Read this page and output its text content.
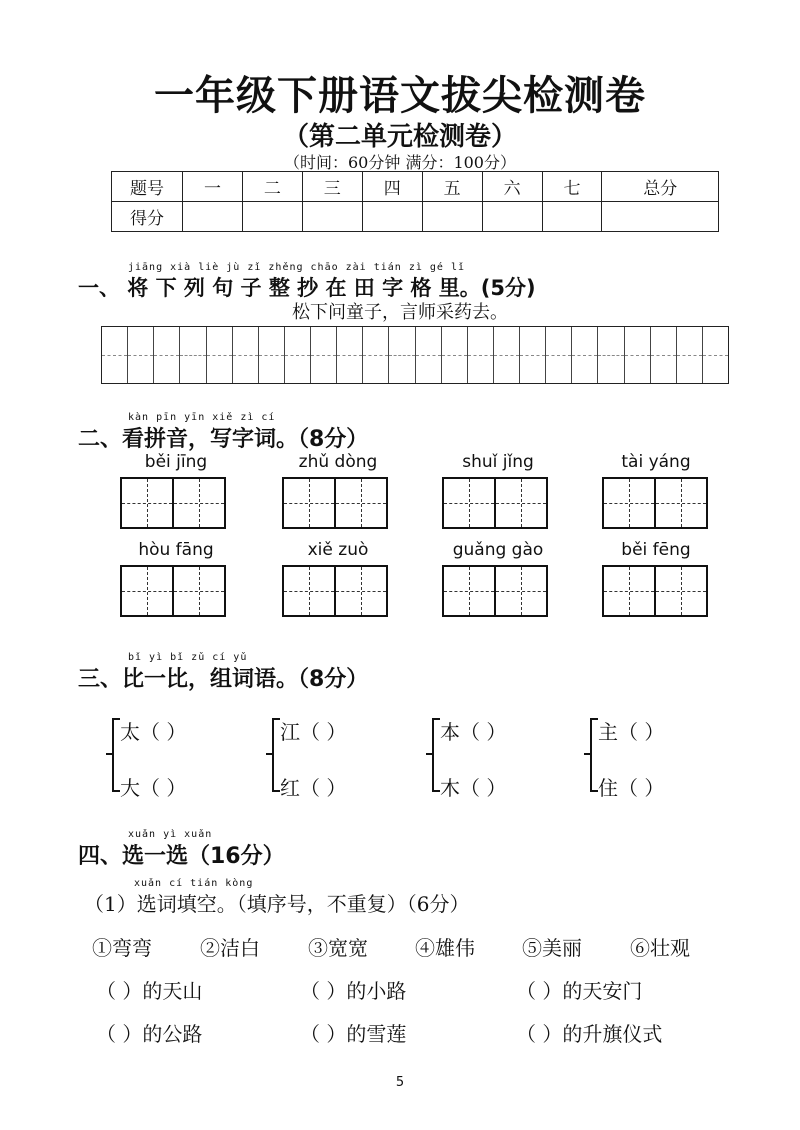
一年级下册语文拔尖检测卷
（第二单元检测卷）
（时间：60分钟 满分：100分）
题号	一	二	三	四	五	六	七	总分
得分								
jiāng xià liè jù zǐ zhěng chāo zài tián zì gé lǐ
一、 将 下 列 句 子 整 抄 在 田 字 格 里。(5分)
松下问童子，言师采药去。
kàn pīn yīn xiě zì cí
二、看拼音，写字词。（8分）
běi jīng	zhǔ dòng	shuǐ jǐng	tài yáng
hòu fāng	xiě zuò	guǎng gào	běi fēng
bǐ yì bǐ zǔ cí yǔ
三、比一比，组词语。（8分）
太（ ）
大（ ）
江（ ）
红（ ）
本（ ）
木（ ）
主（ ）
住（ ）
xuǎn yì xuǎn
四、选一选（16分）
xuǎn cí tián kòng
（1）选词填空。（填序号，不重复）（6分）
①弯弯 ②洁白 ③宽宽 ④雄伟 ⑤美丽 ⑥壮观
（ ）的天山	（ ）的小路	（ ）的天安门
（ ）的公路	（ ）的雪莲	（ ）的升旗仪式
5
